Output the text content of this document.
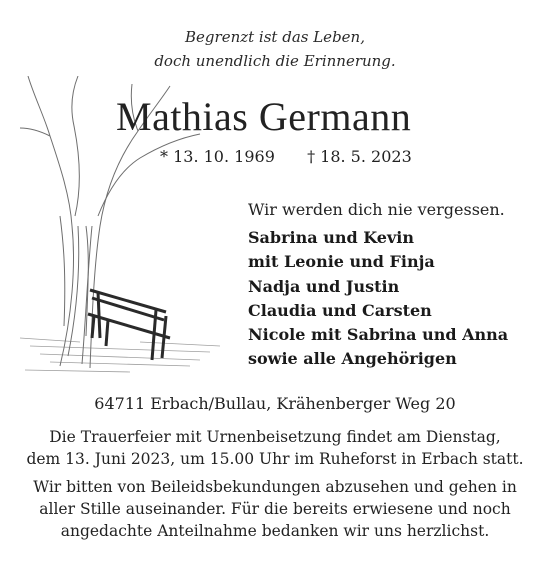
Begrenzt ist das Leben,
doch unendlich die Erinnerung.
Mathias Germann
* 13. 10. 1969 † 18. 5. 2023
Wir werden dich nie vergessen.
Sabrina und Kevin
mit Leonie und Finja
Nadja und Justin
Claudia und Carsten
Nicole mit Sabrina und Anna
sowie alle Angehörigen
64711 Erbach/Bullau, Krähenberger Weg 20
Die Trauerfeier mit Urnenbeisetzung findet am Dienstag,
dem 13. Juni 2023, um 15.00 Uhr im Ruheforst in Erbach statt.
Wir bitten von Beileidsbekundungen abzusehen und gehen in
aller Stille auseinander. Für die bereits erwiesene und noch
angedachte Anteilnahme bedanken wir uns herzlichst.
